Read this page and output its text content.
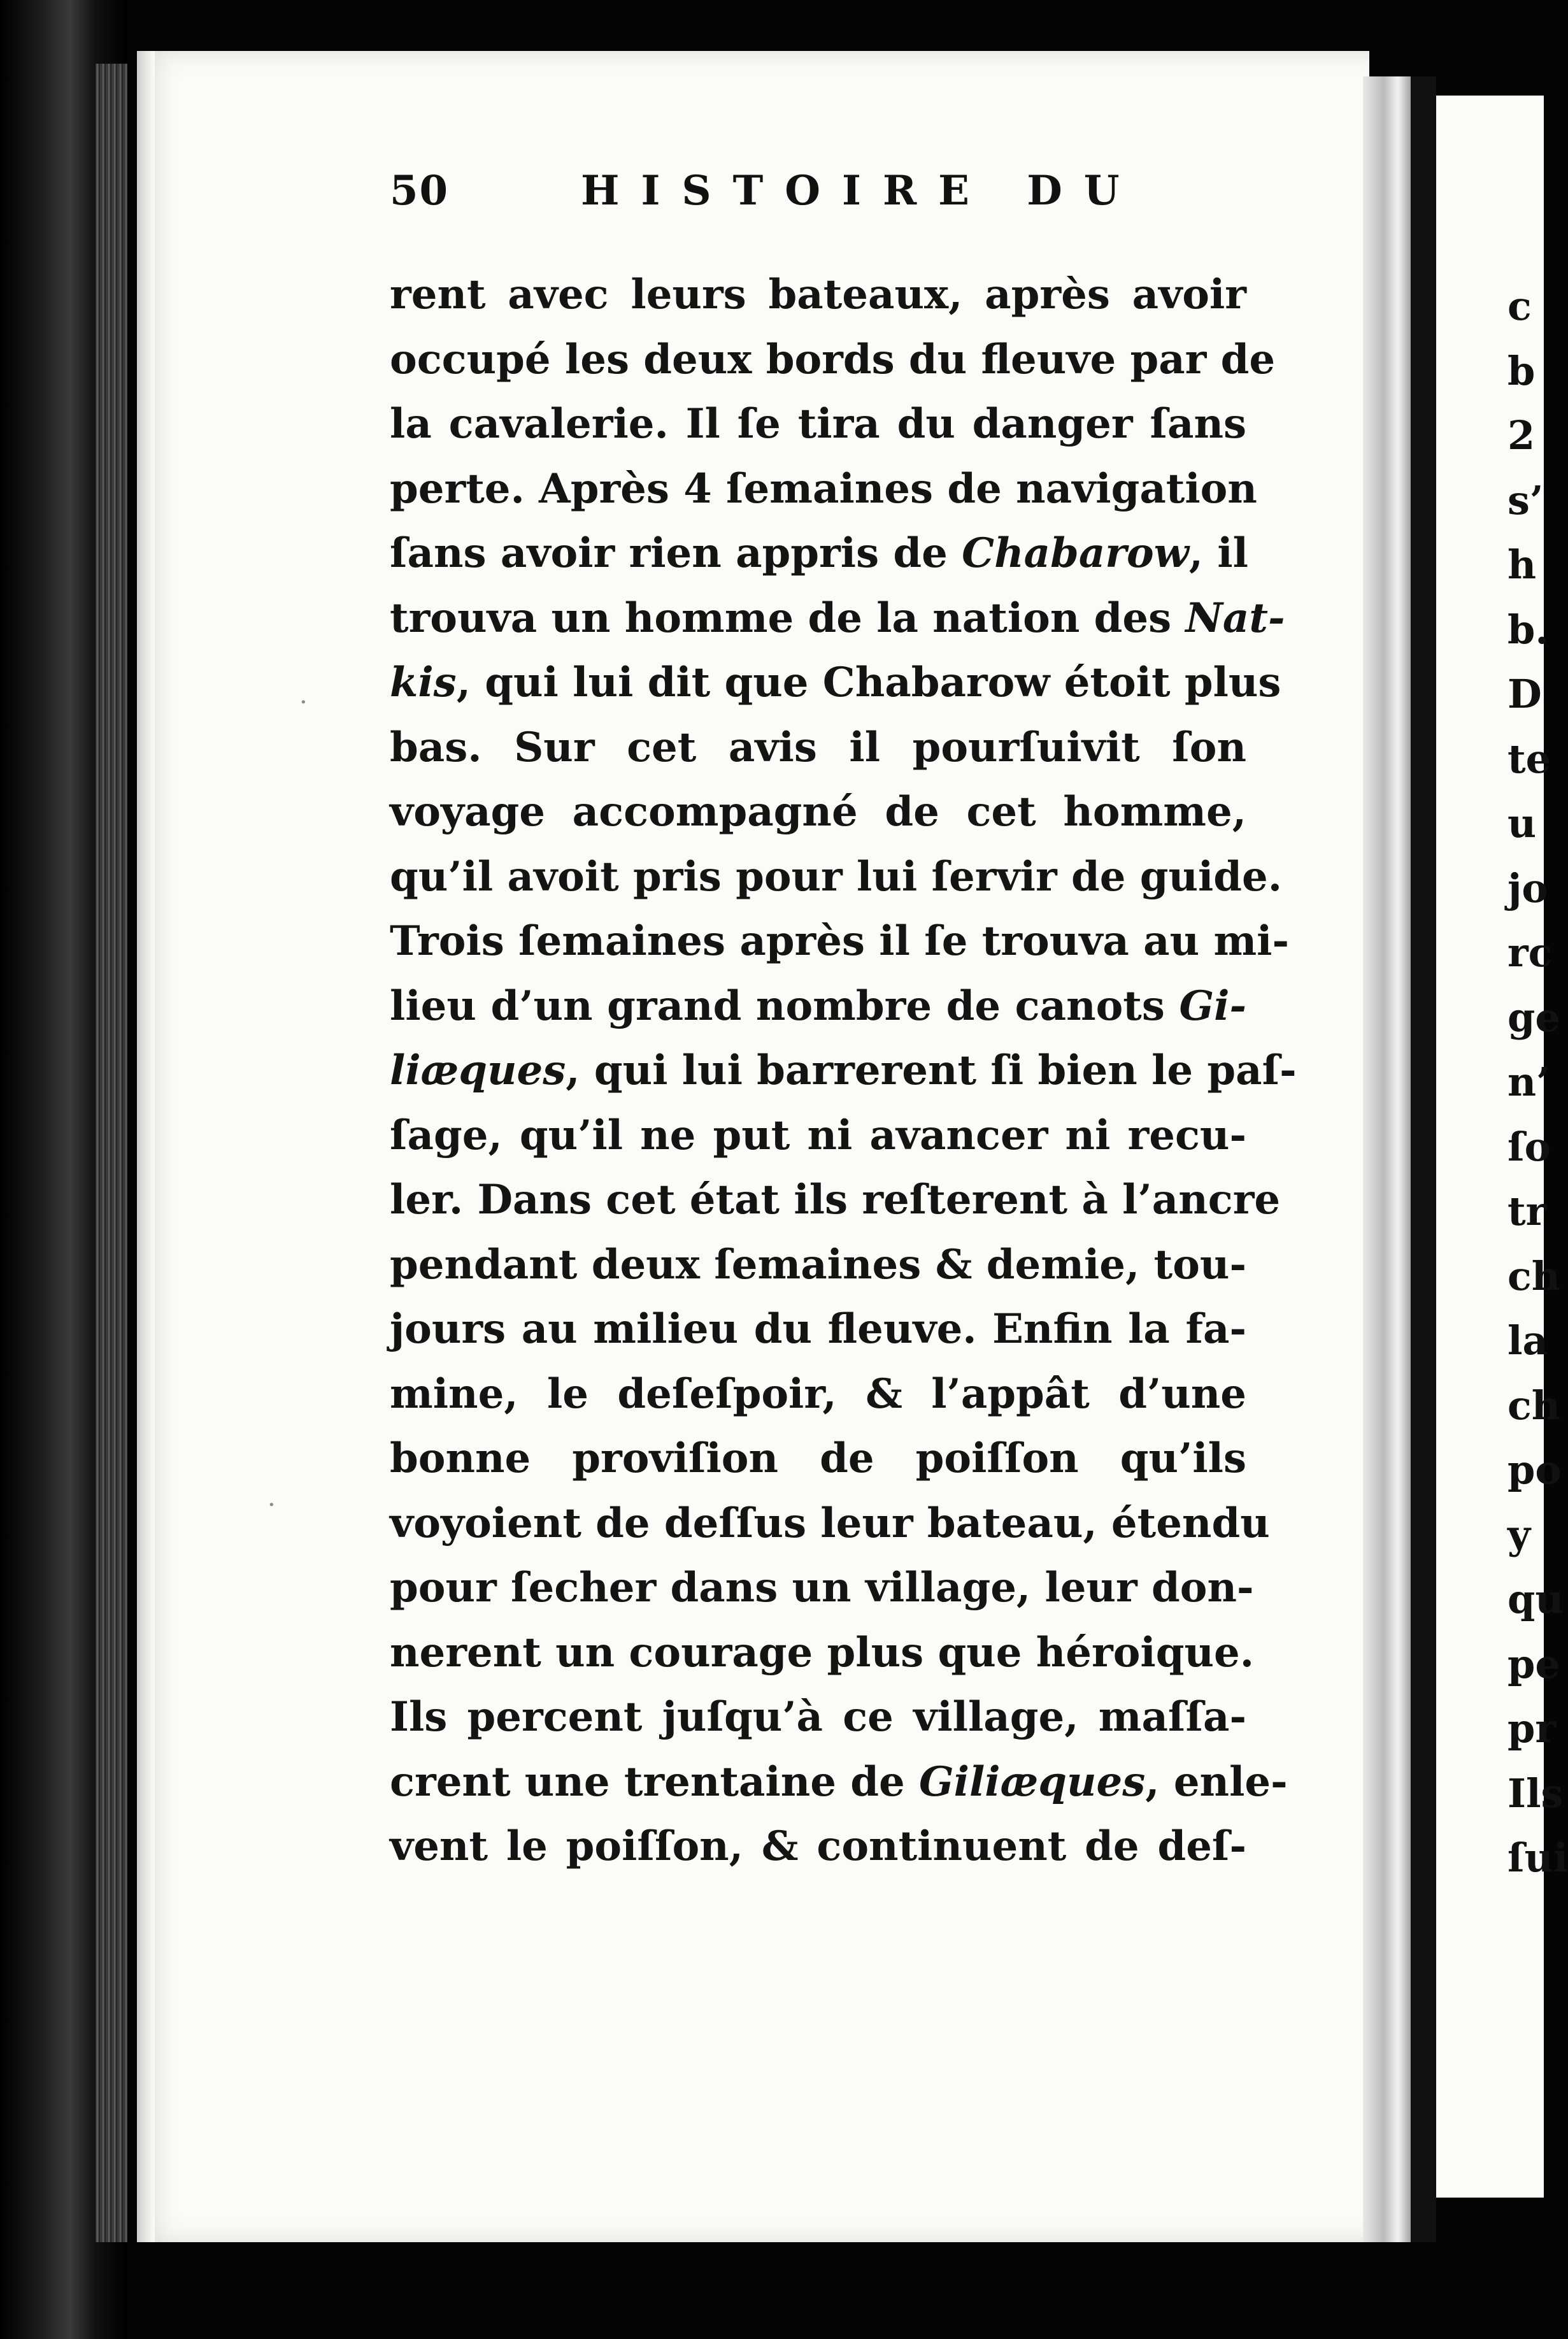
50	HISTOIRE DU
rent avec leurs bateaux, après avoir
occupé les deux bords du fleuve par de
la cavalerie. Il ſe tira du danger ſans
perte. Après 4 ſemaines de navigation
ſans avoir rien appris de Chabarow, il
trouva un homme de la nation des Nat-
kis, qui lui dit que Chabarow étoit plus
bas. Sur cet avis il pourſuivit ſon
voyage accompagné de cet homme,
qu’il avoit pris pour lui ſervir de guide.
Trois ſemaines après il ſe trouva au mi-
lieu d’un grand nombre de canots Gi-
liæques, qui lui barrerent ſi bien le paſ-
ſage, qu’il ne put ni avancer ni recu-
ler. Dans cet état ils reſterent à l’ancre
pendant deux ſemaines & demie, tou-
jours au milieu du fleuve. Enfin la fa-
mine, le deſeſpoir, & l’appât d’une
bonne proviſion de poiſſon qu’ils
voyoient de deſſus leur bateau, étendu
pour ſecher dans un village, leur don-
nerent un courage plus que héroique.
Ils percent juſqu’à ce village, maſſa-
crent une trentaine de Giliæques, enle-
vent le poiſſon, & continuent de deſ-

c

b

2

s’

h

b.

D

te

u

jo

rc

ge

n’

ſo

tr

ch

la

ch

po

y

qu

pe

pr

Ils

ſui

·
·
